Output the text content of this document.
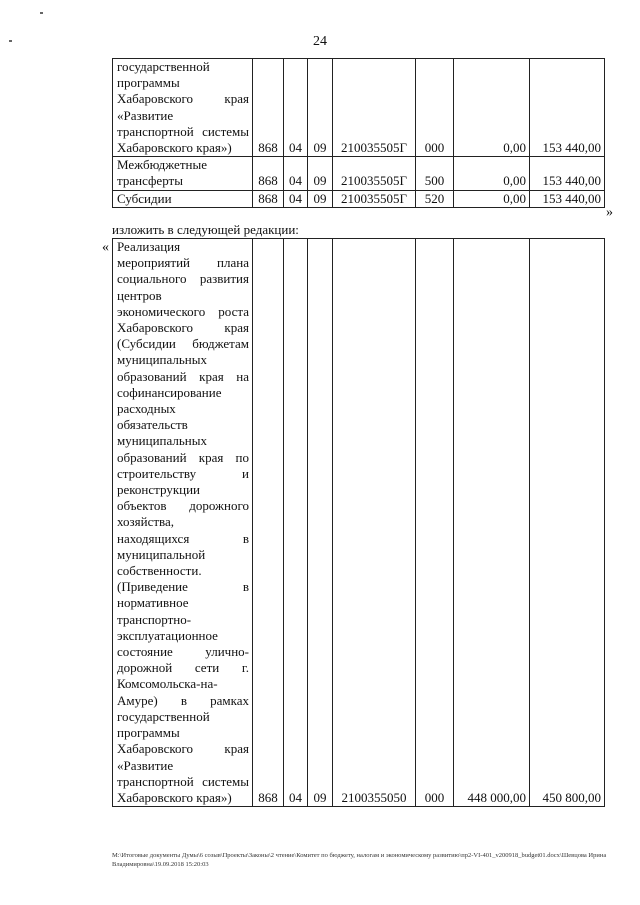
24
государственной программы Хабаровского края «Развитие транспортной системы Хабаровского края»)	868	04	09	210035505Г	000	0,00	153 440,00
Межбюджетные трансферты	868	04	09	210035505Г	500	0,00	153 440,00
Субсидии	868	04	09	210035505Г	520	0,00	153 440,00
»
изложить в следующей редакции:
« Реализация мероприятий плана социального развития центров экономического роста Хабаровского края (Субсидии бюджетам муниципальных образований края на софинансирование расходных обязательств муниципальных образований края по строительству и реконструкции объектов дорожного хозяйства, находящихся в муниципальной собственности. (Приведение в нормативное транспортно-эксплуатационное состояние улично-дорожной сети г. Комсомольска-на-Амуре) в рамках государственной программы Хабаровского края «Развитие транспортной системы Хабаровского края»)	868	04	09	2100355050	000	448 000,00	450 800,00
М:\Итоговые документы Думы\6 созыв\Проекты\Законы\2 чтение\Комитет по бюджету, налогам и экономическому развитию\пр2-VI-401_v200918_budget01.docx\Шевцова Ирина Владимировна\19.09.2018 15:20:03
